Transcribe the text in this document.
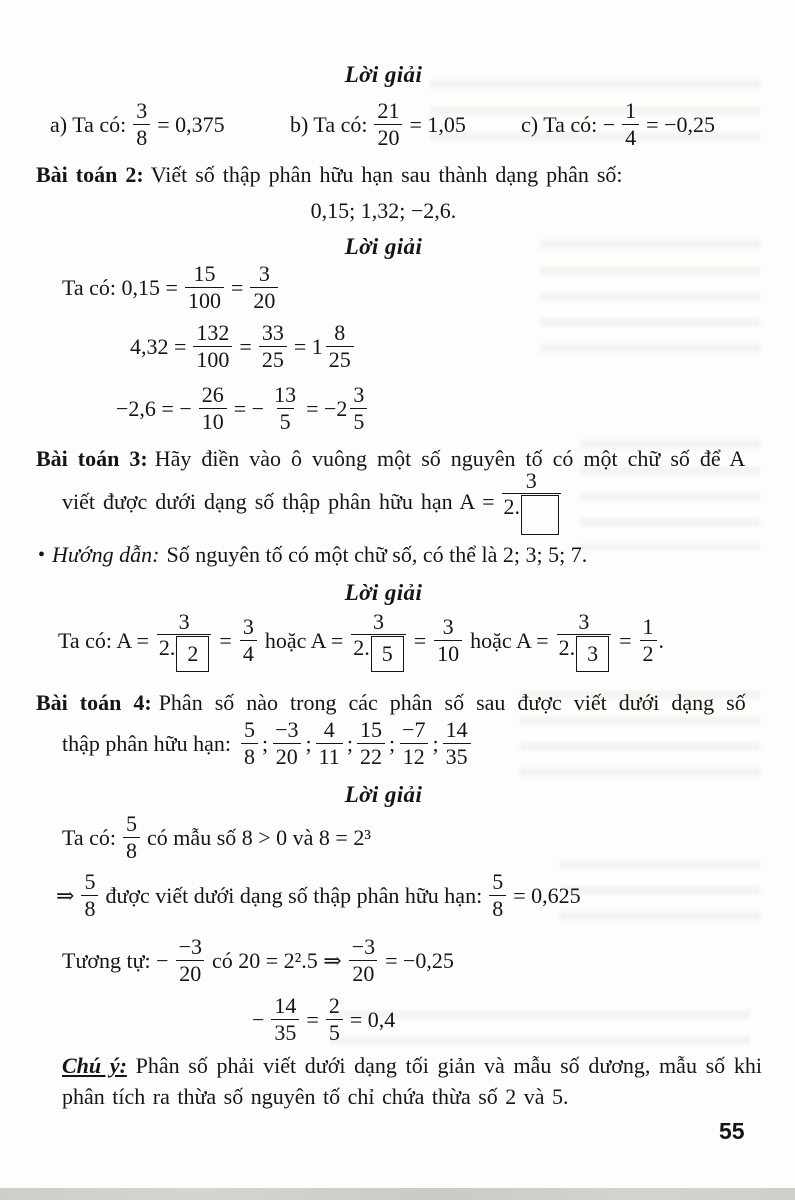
Lời giải
a) Ta có: $\frac{3}{8} = 0,375$	b) Ta có: $\frac{21}{20} = 1,05$	c) Ta có: − $\frac{1}{4} = -0,25$
Bài toán 2: Viết số thập phân hữu hạn sau thành dạng phân số:
0,15; 1,32; −2,6.
Lời giải
Ta có: $0,15 = \frac{15}{100} = \frac{3}{20}$
$4,32 = \frac{132}{100} = \frac{33}{25} = 1 \frac{8}{25}$
−2,6 = − $\frac{26}{10}$ = − $\frac{13}{5} = -2 \frac{3}{5}$
Bài toán 3: Hãy điền vào ô vuông một số nguyên tố có một chữ số để A
viết được dưới dạng số thập phân hữu hạn $A = \frac{3}{2.}$
• Hướng dẫn: Số nguyên tố có một chữ số, có thể là 2; 3; 5; 7.
Lời giải
Ta có: $A = \frac{3}{2. 2} = \frac{3}{4}$ hoặc $A = \frac{3}{2. 5} = \frac{3}{10}$ hoặc $A = \frac{3}{2. 3} = \frac{1}{2}$ .
Bài toán 4: Phân số nào trong các phân số sau được viết dưới dạng số
thập phân hữu hạn: $\frac{5}{8}$ ; $\frac{-3}{20}$ ; $\frac{4}{11}$ ; $\frac{15}{22}$ ; $\frac{-7}{12}$ ; $\frac{14}{35}$
Lời giải
Ta có: $\frac{5}{8}$ có mẫu số 8 > 0 và 8 = 2³
⇒ $\frac{5}{8}$ được viết dưới dạng số thập phân hữu hạn: $\frac{5}{8} = 0,625$
Tương tự: − $\frac{-3}{20}$ có 20 = 2².5 ⇒ $\frac{-3}{20} = -0,25$
− $\frac{14}{35} = \frac{2}{5} = 0,4$
Chú ý: Phân số phải viết dưới dạng tối giản và mẫu số dương, mẫu số khi phân tích ra thừa số nguyên tố chỉ chứa thừa số 2 và 5.
55
